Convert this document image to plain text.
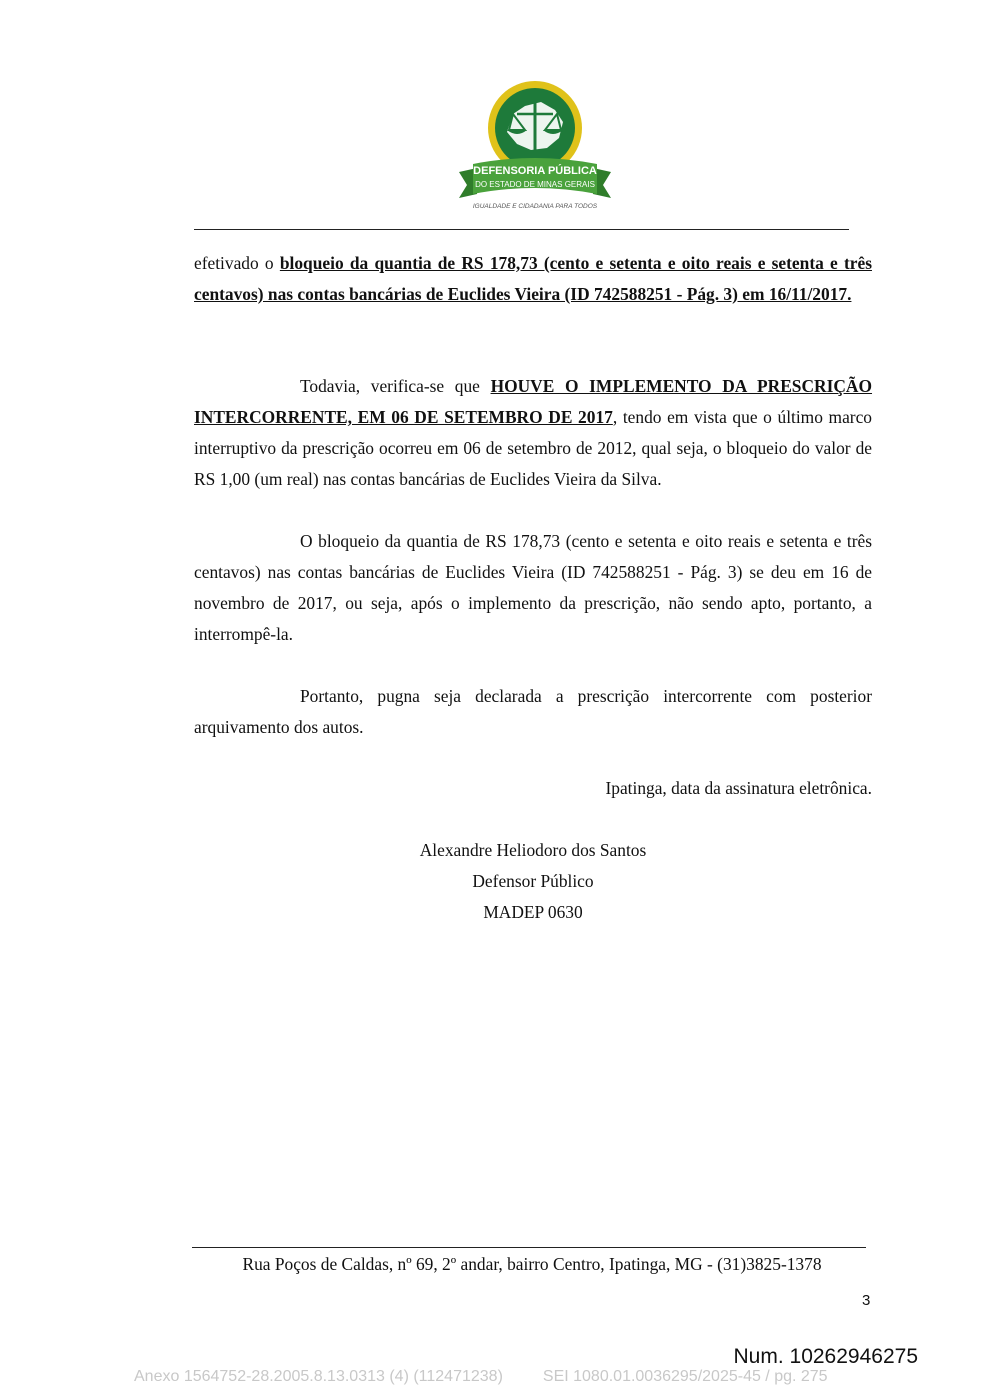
DEFENSORIA PÚBLICA
DO ESTADO DE MINAS GERAIS
IGUALDADE E CIDADANIA PARA TODOS

efetivado o bloqueio da quantia de RS 178,73 (cento e setenta e oito reais e setenta e três centavos) nas contas bancárias de Euclides Vieira (ID 742588251 - Pág. 3) em 16/11/2017.

Todavia, verifica-se que HOUVE O IMPLEMENTO DA PRESCRIÇÃO INTERCORRENTE, EM 06 DE SETEMBRO DE 2017, tendo em vista que o último marco interruptivo da prescrição ocorreu em 06 de setembro de 2012, qual seja, o bloqueio do valor de RS 1,00 (um real) nas contas bancárias de Euclides Vieira da Silva.

O bloqueio da quantia de RS 178,73 (cento e setenta e oito reais e setenta e três centavos) nas contas bancárias de Euclides Vieira (ID 742588251 - Pág. 3) se deu em 16 de novembro de 2017, ou seja, após o implemento da prescrição, não sendo apto, portanto, a interrompê-la.

Portanto, pugna seja declarada a prescrição intercorrente com posterior arquivamento dos autos.

Ipatinga, data da assinatura eletrônica.

Alexandre Heliodoro dos Santos
Defensor Público
MADEP 0630
Rua Poços de Caldas, nº 69, 2º andar, bairro Centro, Ipatinga, MG - (31)3825-1378
3
Num. 10262946275
Anexo 1564752-28.2005.8.13.0313 (4) (112471238)	SEI 1080.01.0036295/2025-45 / pg. 275
